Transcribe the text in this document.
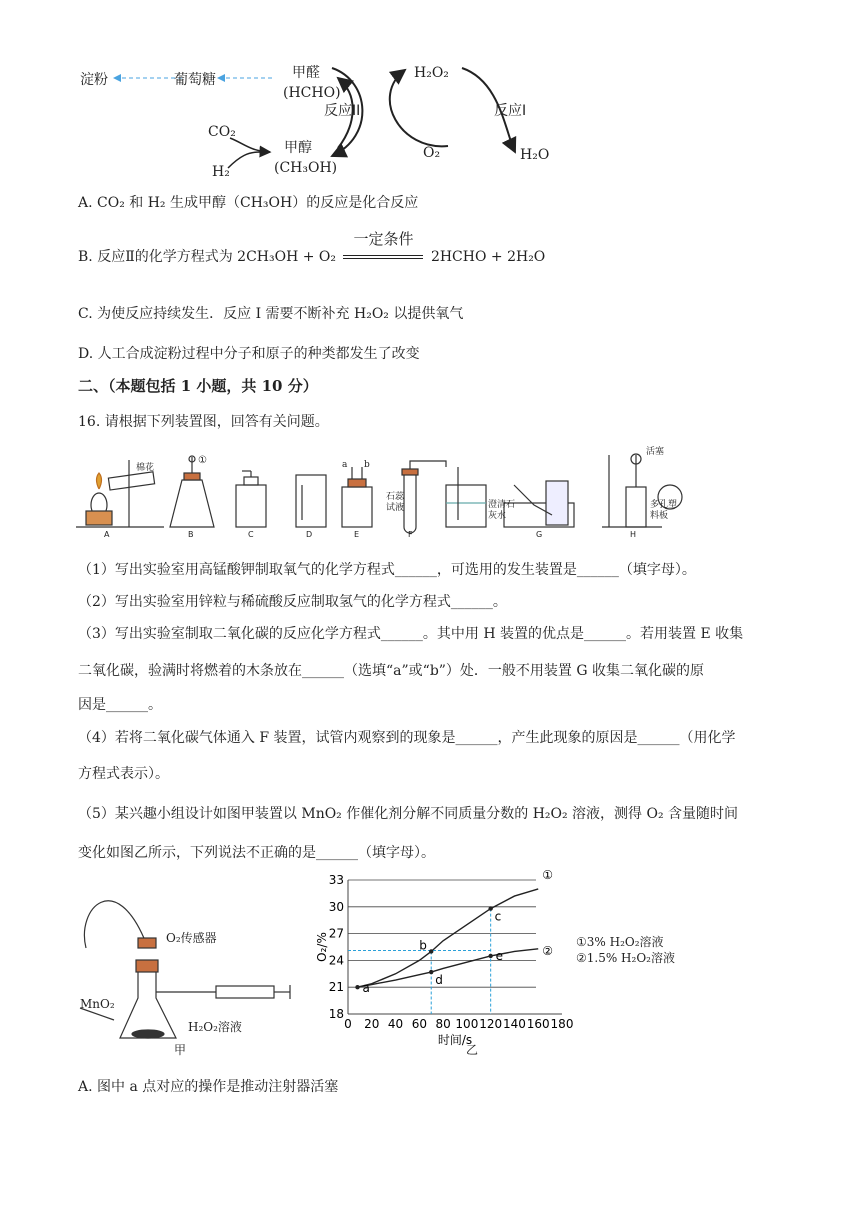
淀粉	葡萄糖	甲醛
(HCHO)
CO₂
H₂
甲醇
(CH₃OH)
反应II
H₂O₂
反应I
O₂	H₂O
A. CO₂ 和 H₂ 生成甲醇（CH₃OH）的反应是化合反应
B. 反应Ⅱ的化学方程式为 2CH₃OH + O₂
一定条件
2HCHO + 2H₂O
C. 为使反应持续发生．反应 I 需要不断补充 H₂O₂ 以提供氧气
D. 人工合成淀粉过程中分子和原子的种类都发生了改变
二、（本题包括 1 小题，共 10 分）
16. 请根据下列装置图，回答有关问题。
棉花
①	a b
石蕊试液	澄清石灰水
活塞
多孔塑料板
A	B	C	D	E	F	G	H
（1）写出实验室用高锰酸钾制取氧气的化学方程式______，可选用的发生装置是______（填字母）。
（2）写出实验室用锌粒与稀硫酸反应制取氢气的化学方程式______。
（3）写出实验室制取二氧化碳的反应化学方程式______。其中用 H 装置的优点是______。若用装置 E 收集
二氧化碳，验满时将燃着的木条放在______（选填“a”或“b”）处．一般不用装置 G 收集二氧化碳的原
因是______。
（4）若将二氧化碳气体通入 F 装置，试管内观察到的现象是______，产生此现象的原因是______（用化学
方程式表示）。
（5）某兴趣小组设计如图甲装置以 MnO₂ 作催化剂分解不同质量分数的 H₂O₂ 溶液，测得 O₂ 含量随时间
变化如图乙所示，下列说法不正确的是______（填字母）。
O₂传感器
MnO₂
H₂O₂溶液
甲
18
21
24
27
30
33
0 20 40 60 80 100 120 140 160 180
时间/s
O₂/%
①
②
a
b
c
d
e
①3% H₂O₂溶液
②1.5% H₂O₂溶液
乙
A. 图中 a 点对应的操作是推动注射器活塞
